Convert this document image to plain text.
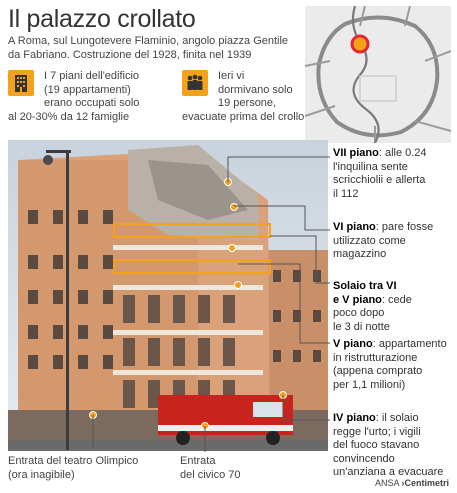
Il palazzo crollato
A Roma, sul Lungotevere Flaminio, angolo piazza Gentile da Fabriano. Costruzione del 1928, finita nel 1939
I 7 piani dell'edificio
(19 appartamenti)
erano occupati solo
al 20-30% da 12 famiglie
Ieri vi
dormivano solo
19 persone,
evacuate prima del crollo
VII piano: alle 0.24
l'inquilina sente
scricchiolii e allerta
il 112
VI piano: pare fosse
utilizzato come
magazzino
Solaio tra VI
e V piano: cede
poco dopo
le 3 di notte
V piano: appartamento
in ristrutturazione
(appena comprato
per 1,1 milioni)
IV piano: il solaio
regge l'urto; i vigili
del fuoco stavano
convincendo
un'anziana a evacuare
Entrata del teatro Olimpico
(ora inagibile)
Entrata
del civico 70
ANSA ›Centimetri
